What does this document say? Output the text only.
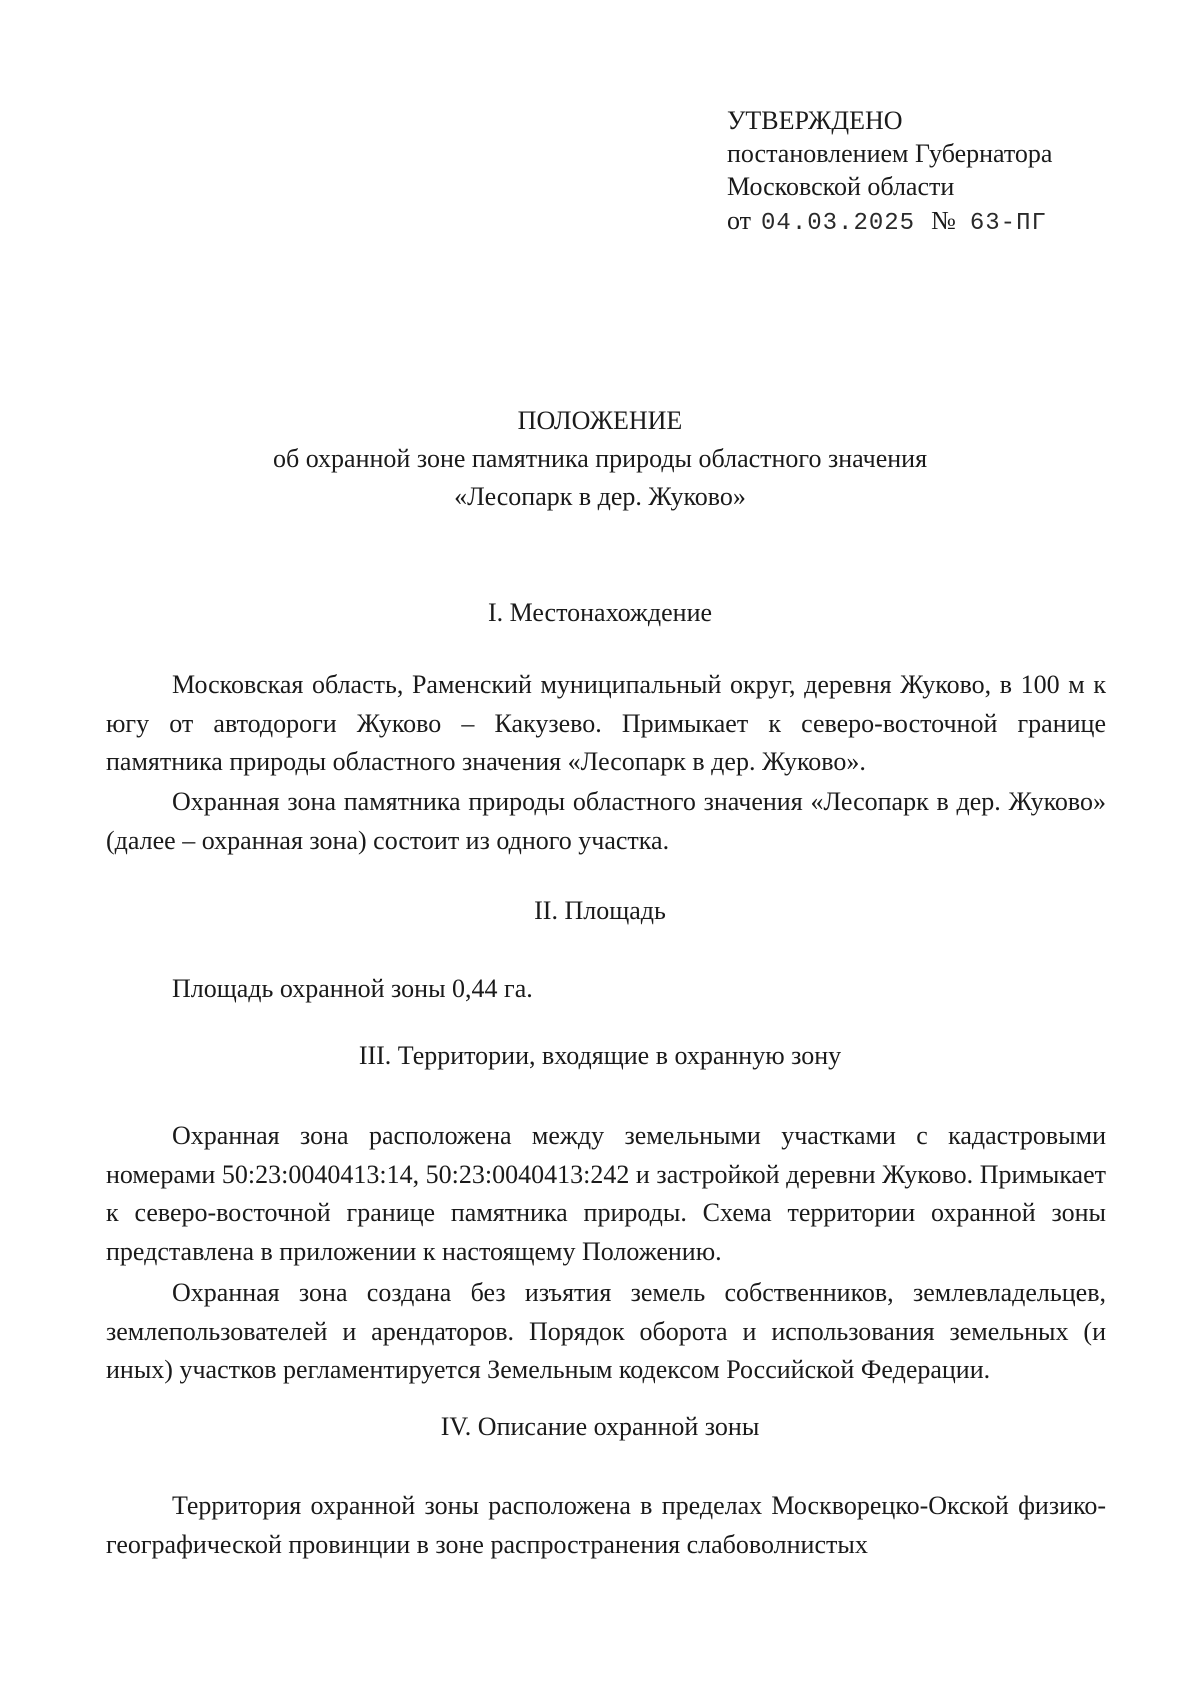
УТВЕРЖДЕНО
постановлением Губернатора
Московской области
от 04.03.2025 № 63-ПГ
ПОЛОЖЕНИЕ
об охранной зоне памятника природы областного значения
«Лесопарк в дер. Жуково»
I. Местонахождение

Московская область, Раменский муниципальный округ, деревня Жуково, в 100 м к югу от автодороги Жуково – Какузево. Примыкает к северо-восточной границе памятника природы областного значения «Лесопарк в дер. Жуково».

Охранная зона памятника природы областного значения «Лесопарк в дер. Жуково» (далее – охранная зона) состоит из одного участка.

II. Площадь

Площадь охранной зоны 0,44 га.

III. Территории, входящие в охранную зону

Охранная зона расположена между земельными участками с кадастровыми номерами 50:23:0040413:14, 50:23:0040413:242 и застройкой деревни Жуково. Примыкает к северо-восточной границе памятника природы. Схема территории охранной зоны представлена в приложении к настоящему Положению.

Охранная зона создана без изъятия земель собственников, землевладельцев, землепользователей и арендаторов. Порядок оборота и использования земельных (и иных) участков регламентируется Земельным кодексом Российской Федерации.

IV. Описание охранной зоны

Территория охранной зоны расположена в пределах Москворецко-Окской физико-географической провинции в зоне распространения слабоволнистых
